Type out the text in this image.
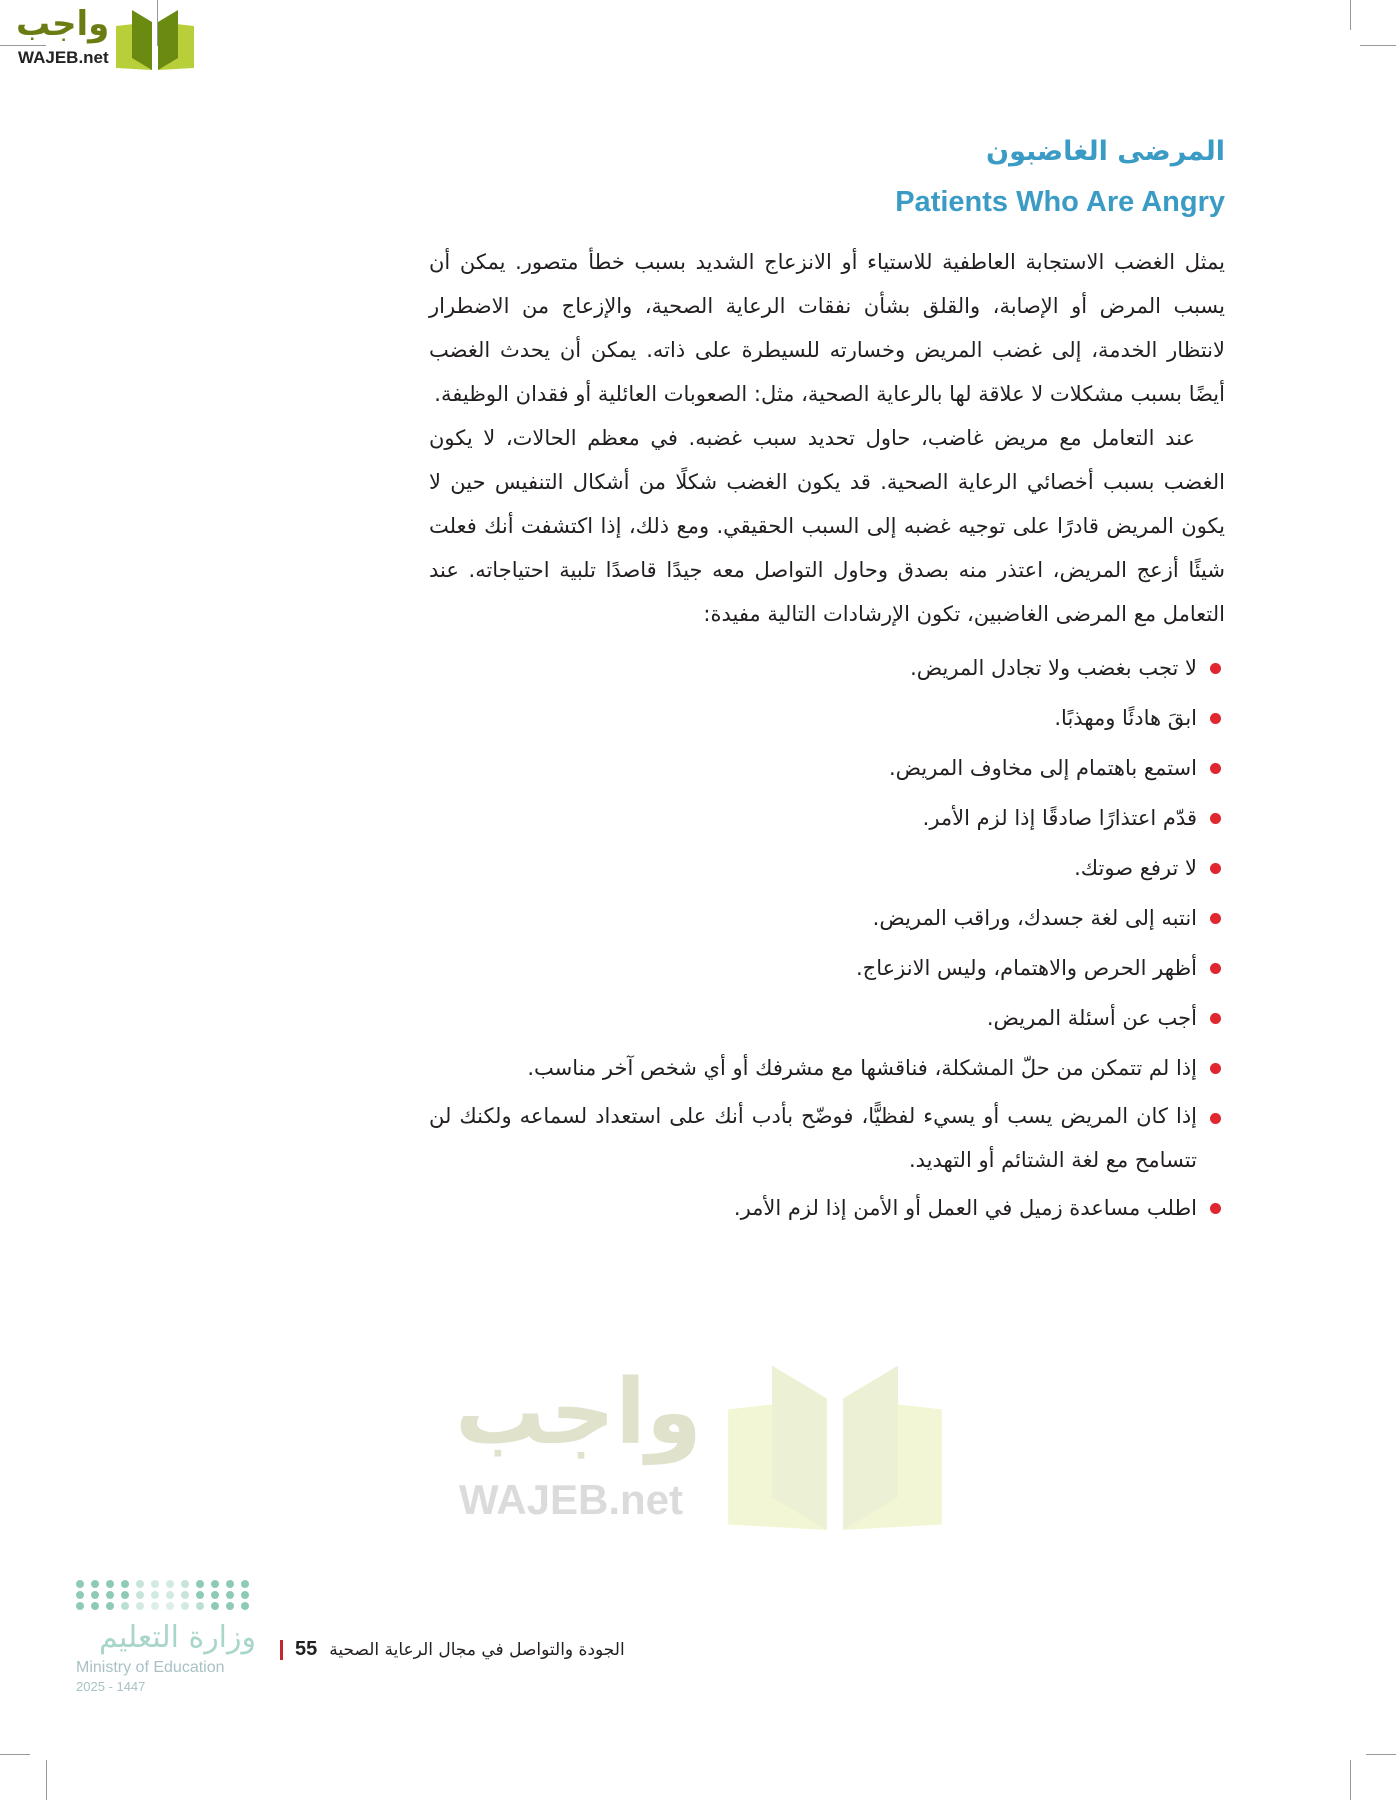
واجب
WAJEB.net
المرضى الغاضبون
Patients Who Are Angry

يمثل الغضب الاستجابة العاطفية للاستياء أو الانزعاج الشديد بسبب خطأ متصور. يمكن أن يسبب المرض أو الإصابة، والقلق بشأن نفقات الرعاية الصحية، والإزعاج من الاضطرار لانتظار الخدمة، إلى غضب المريض وخسارته للسيطرة على ذاته. يمكن أن يحدث الغضب أيضًا بسبب مشكلات لا علاقة لها بالرعاية الصحية، مثل: الصعوبات العائلية أو فقدان الوظيفة.

عند التعامل مع مريض غاضب، حاول تحديد سبب غضبه. في معظم الحالات، لا يكون الغضب بسبب أخصائي الرعاية الصحية. قد يكون الغضب شكلًا من أشكال التنفيس حين لا يكون المريض قادرًا على توجيه غضبه إلى السبب الحقيقي. ومع ذلك، إذا اكتشفت أنك فعلت شيئًا أزعج المريض، اعتذر منه بصدق وحاول التواصل معه جيدًا قاصدًا تلبية احتياجاته. عند التعامل مع المرضى الغاضبين، تكون الإرشادات التالية مفيدة:

لا تجب بغضب ولا تجادل المريض.
ابقَ هادئًا ومهذبًا.
استمع باهتمام إلى مخاوف المريض.
قدّم اعتذارًا صادقًا إذا لزم الأمر.
لا ترفع صوتك.
انتبه إلى لغة جسدك، وراقب المريض.
أظهر الحرص والاهتمام، وليس الانزعاج.
أجب عن أسئلة المريض.
إذا لم تتمكن من حلّ المشكلة، فناقشها مع مشرفك أو أي شخص آخر مناسب.
إذا كان المريض يسب أو يسيء لفظيًّا، فوضّح بأدب أنك على استعداد لسماعه ولكنك لن تتسامح مع لغة الشتائم أو التهديد.
اطلب مساعدة زميل في العمل أو الأمن إذا لزم الأمر.
واجب
WAJEB.net
وزارة التعليم
Ministry of Education
2025 - 1447
55 الجودة والتواصل في مجال الرعاية الصحية
